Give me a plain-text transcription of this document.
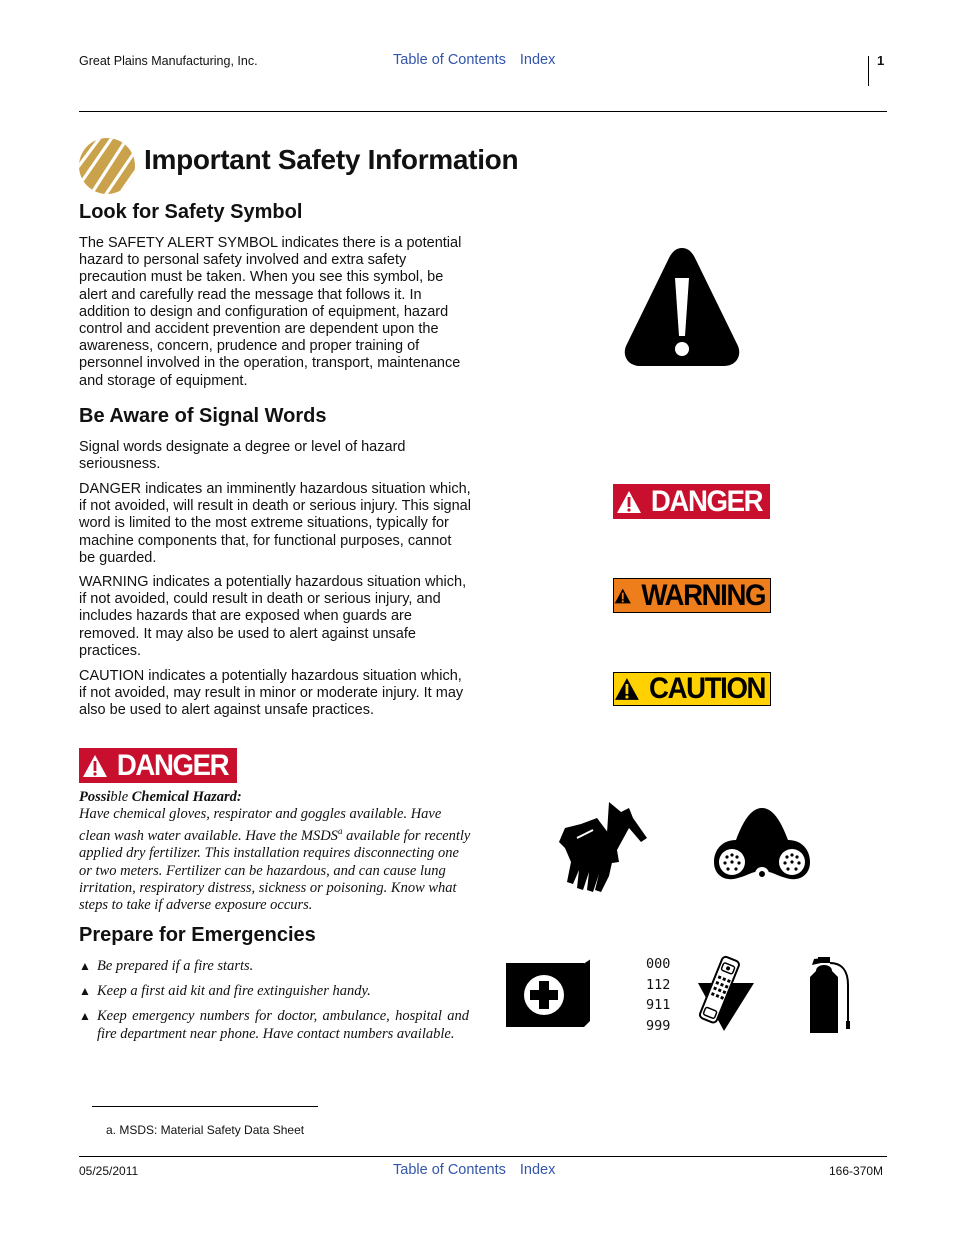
Great Plains Manufacturing, Inc.	Table of Contents Index	1
Important Safety Information
Look for Safety Symbol

The SAFETY ALERT SYMBOL indicates there is a potential hazard to personal safety involved and extra safety precaution must be taken. When you see this symbol, be alert and carefully read the message that follows it. In addition to design and configuration of equipment, hazard control and accident prevention are dependent upon the awareness, concern, prudence and proper training of personnel involved in the operation, transport, maintenance and storage of equipment.

Be Aware of Signal Words

Signal words designate a degree or level of hazard seriousness.

DANGER indicates an imminently hazardous situation which, if not avoided, will result in death or serious injury. This signal word is limited to the most extreme situations, typically for machine components that, for functional purposes, cannot be guarded.

WARNING indicates a potentially hazardous situation which, if not avoided, could result in death or serious injury, and includes hazards that are exposed when guards are removed. It may also be used to alert against unsafe practices.

CAUTION indicates a potentially hazardous situation which, if not avoided, may result in minor or moderate injury. It may also be used to alert against unsafe practices.

DANGER
WARNING
CAUTION
DANGER
Possible Chemical Hazard:
Have chemical gloves, respirator and goggles available. Have clean wash water available. Have the MSDS$^a$ available for recently applied dry fertilizer. This installation requires disconnecting one or two meters. Fertilizer can be hazardous, and can cause lung irritation, respiratory distress, sickness or poisoning. Know what steps to take if adverse exposure occurs.
Prepare for Emergencies
▲ Be prepared if a fire starts.
▲ Keep a first aid kit and fire extinguisher handy.
▲ Keep emergency numbers for doctor, ambulance, hospital and fire department near phone. Have contact numbers available.
000
112
911
999
a. MSDS: Material Safety Data Sheet
05/25/2011	Table of Contents Index	166-370M
